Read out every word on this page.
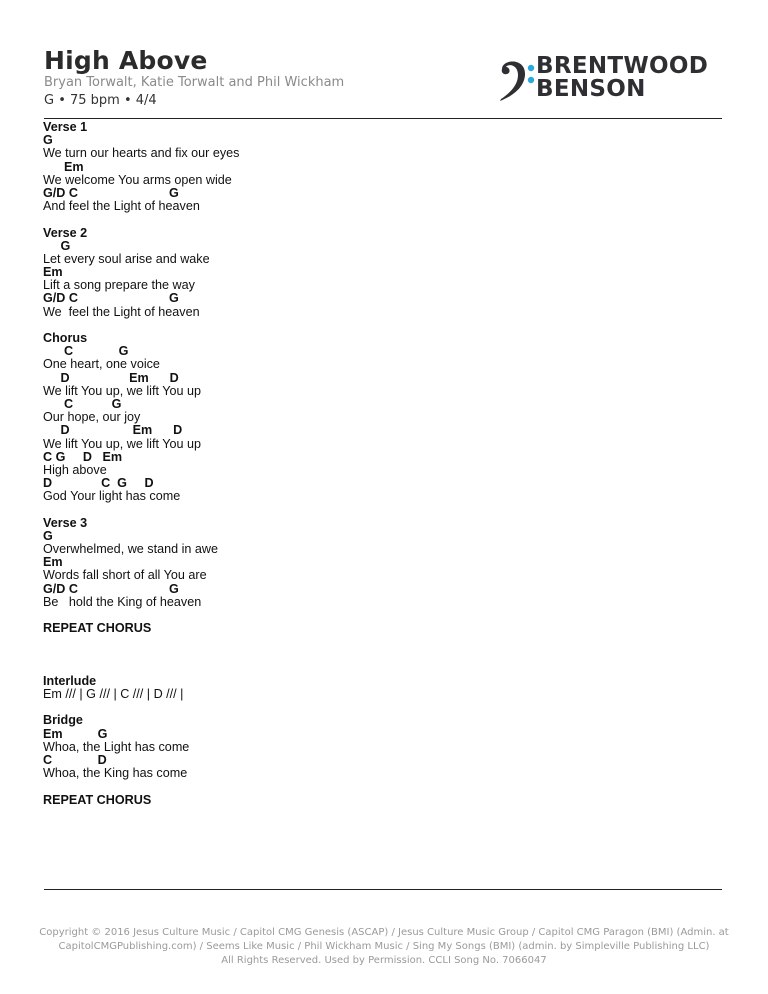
High Above
Bryan Torwalt, Katie Torwalt and Phil Wickham
G • 75 bpm • 4/4
BRENTWOOD
BENSON
Verse 1
G
We turn our hearts and fix our eyes
Em
We welcome You arms open wide
G/D C                          G
And feel the Light of heaven
Verse 2
G
Let every soul arise and wake
Em
Lift a song prepare the way
G/D C                          G
We  feel the Light of heaven
Chorus
C             G
One heart, one voice
D                 Em      D
We lift You up, we lift You up
C           G
Our hope, our joy
D                  Em      D
We lift You up, we lift You up
C G     D   Em
High above
D              C  G     D
God Your light has come
Verse 3
G
Overwhelmed, we stand in awe
Em
Words fall short of all You are
G/D C                          G
Be   hold the King of heaven
REPEAT CHORUS
Interlude
Em /// | G /// | C /// | D /// |
Bridge
Em          G
Whoa, the Light has come
C             D
Whoa, the King has come
REPEAT CHORUS
Copyright © 2016 Jesus Culture Music / Capitol CMG Genesis (ASCAP) / Jesus Culture Music Group / Capitol CMG Paragon (BMI) (Admin. at
CapitolCMGPublishing.com) / Seems Like Music / Phil Wickham Music / Sing My Songs (BMI) (admin. by Simpleville Publishing LLC)
All Rights Reserved. Used by Permission. CCLI Song No. 7066047
